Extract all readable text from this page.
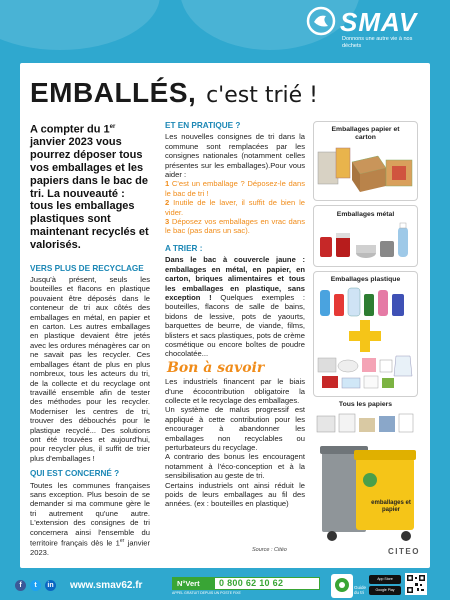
SMAV
Donnons une autre vie à nos déchets
EMBALLÉS, c'est trié !
A compter du 1er janvier 2023 vous pourrez déposer tous vos emballages et les papiers dans le bac de tri. La nouveauté : tous les emballages plastiques sont maintenant recyclés et valorisés.
VERS PLUS DE RECYCLAGE
Jusqu'à présent, seuls les bouteilles et flacons en plastique pouvaient être déposés dans le conteneur de tri aux côtés des emballages en métal, en papier et en carton. Les autres emballages en plastique devaient être jetés avec les ordures ménagères car on ne savait pas les recycler. Ces emballages étant de plus en plus nombreux, tous les acteurs du tri, de la collecte et du recyclage ont travaillé ensemble afin de tester des méthodes pour les recycler. Moderniser les centres de tri, trouver des débouchés pour le plastique recyclé... Des solutions ont été trouvées et aujourd'hui, pour recycler plus, il suffit de trier plus d'emballages !
QUI EST CONCERNÉ ?
Toutes les communes françaises sans exception. Plus besoin de se demander si ma commune gère le tri autrement qu'une autre. L'extension des consignes de tri concernera ainsi l'ensemble du territoire français dès le 1er janvier 2023.
ET EN PRATIQUE ?
Les nouvelles consignes de tri dans la commune sont remplacées par les consignes nationales (notamment celles présentes sur les emballages).Pour vous aider :
1 C'est un emballage ? Déposez-le dans le bac de tri !
2 Inutile de le laver, il suffit de bien le vider.
3 Déposez vos emballages en vrac dans le bac (pas dans un sac).
A TRIER :
Dans le bac à couvercle jaune : emballages en métal, en papier, en carton, briques alimentaires et tous les emballages en plastique, sans exception ! Quelques exemples : bouteilles, flacons de salle de bains, bidons de lessive, pots de yaourts, barquettes de beurre, de viande, films, blisters et sacs plastiques, pots de crème cosmétique ou encore boîtes de poudre chocolatée...
Bon à savoir
Les industriels financent par le biais d'une écocontribution obligatoire la collecte et le recyclage des emballages.
Un système de malus progressif est appliqué à cette contribution pour les encourager à abandonner les emballages non recyclables ou perturbateurs du recyclage.
A contrario des bonus les encouragent notamment à l'éco-conception et à la sensibilisation au geste de tri.
Certains industriels ont ainsi réduit le poids de leurs emballages au fil des années. (ex : bouteilles en plastique)
Source : Citéo
Emballages papier et carton
Emballages métal
Emballages plastique
Tous les papiers
emballages et papier
CITEO
f	t	in www.smav62.fr	N°Vert	0 800 62 10 62
APPEL GRATUIT DEPUIS UN POSTE FIXE
Guide du tri
App Store
Google Play
